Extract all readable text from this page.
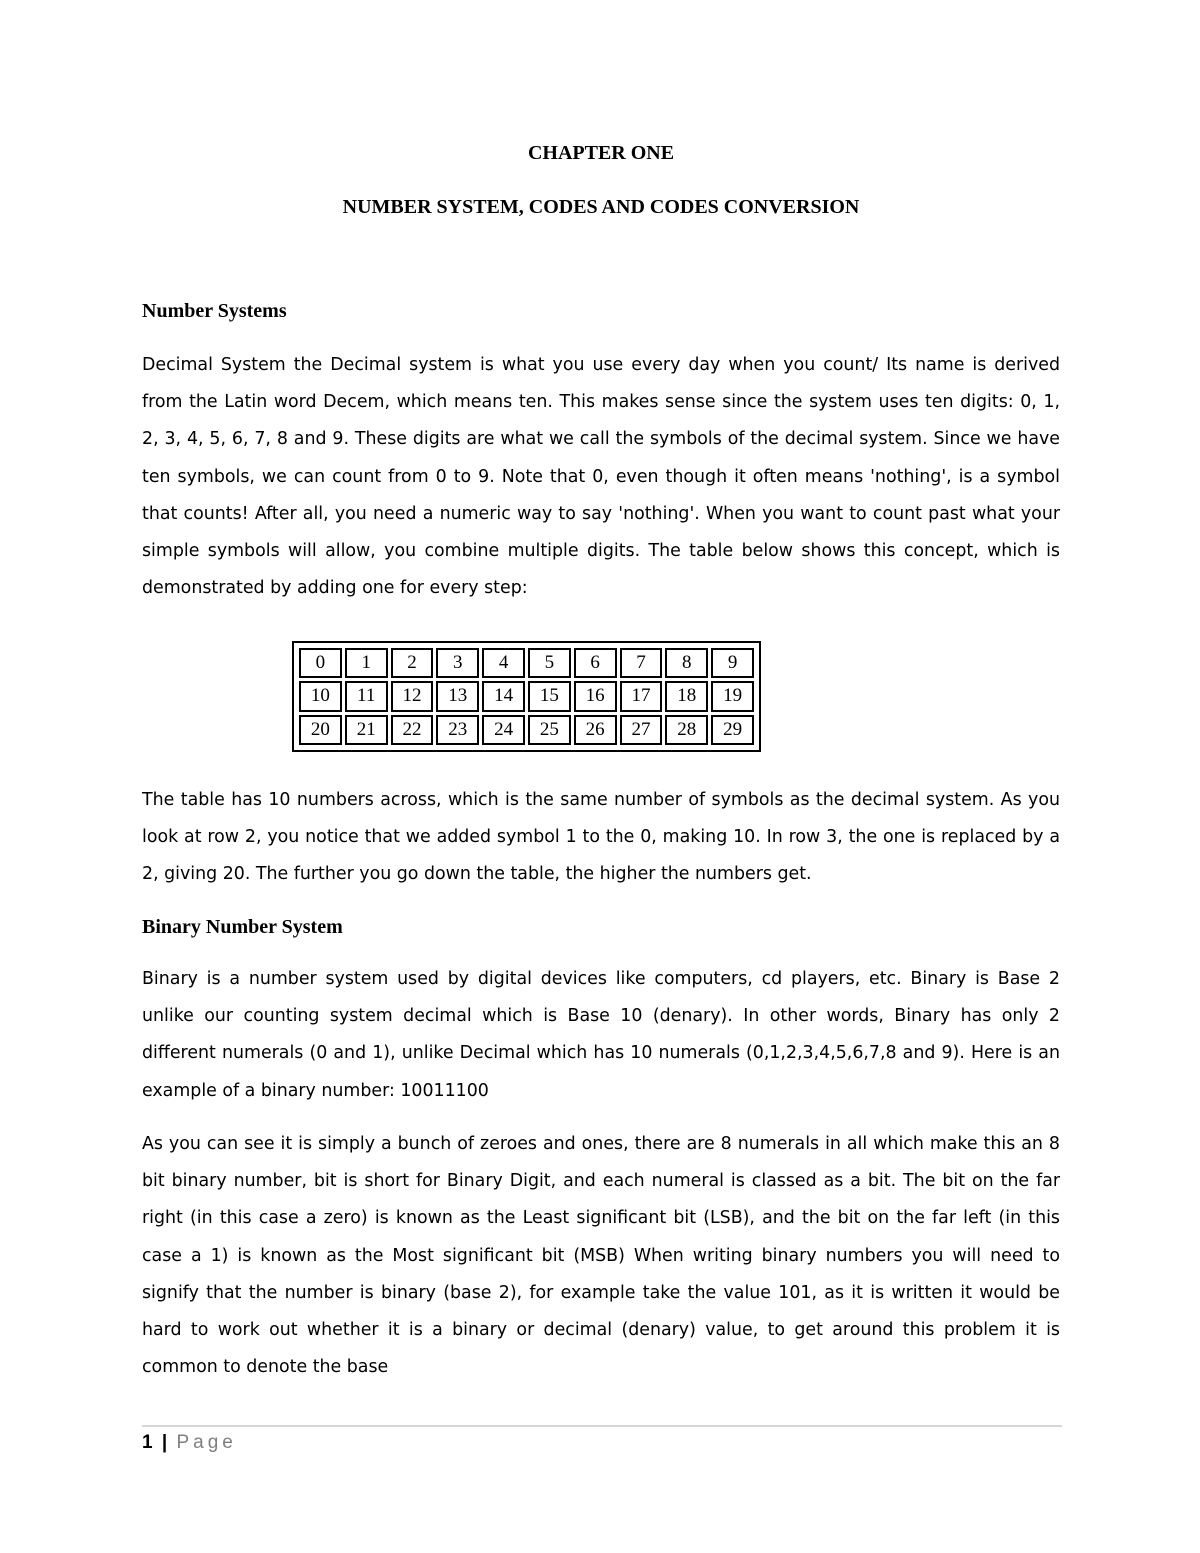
CHAPTER ONE
NUMBER SYSTEM, CODES AND CODES CONVERSION
Number Systems

Decimal System the Decimal system is what you use every day when you count/ Its name is derived from the Latin word Decem, which means ten. This makes sense since the system uses ten digits: 0, 1, 2, 3, 4, 5, 6, 7, 8 and 9. These digits are what we call the symbols of the decimal system. Since we have ten symbols, we can count from 0 to 9. Note that 0, even though it often means 'nothing', is a symbol that counts! After all, you need a numeric way to say 'nothing'. When you want to count past what your simple symbols will allow, you combine multiple digits. The table below shows this concept, which is demonstrated by adding one for every step:

0	1	2	3	4	5	6	7	8	9
10	11	12	13	14	15	16	17	18	19
20	21	22	23	24	25	26	27	28	29

The table has 10 numbers across, which is the same number of symbols as the decimal system. As you look at row 2, you notice that we added symbol 1 to the 0, making 10. In row 3, the one is replaced by a 2, giving 20. The further you go down the table, the higher the numbers get.

Binary Number System

Binary is a number system used by digital devices like computers, cd players, etc. Binary is Base 2 unlike our counting system decimal which is Base 10 (denary). In other words, Binary has only 2 different numerals (0 and 1), unlike Decimal which has 10 numerals (0,1,2,3,4,5,6,7,8 and 9). Here is an example of a binary number: 10011100

As you can see it is simply a bunch of zeroes and ones, there are 8 numerals in all which make this an 8 bit binary number, bit is short for Binary Digit, and each numeral is classed as a bit. The bit on the far right (in this case a zero) is known as the Least significant bit (LSB), and the bit on the far left (in this case a 1) is known as the Most significant bit (MSB) When writing binary numbers you will need to signify that the number is binary (base 2), for example take the value 101, as it is written it would be hard to work out whether it is a binary or decimal (denary) value, to get around this problem it is common to denote the base

1 | Page
